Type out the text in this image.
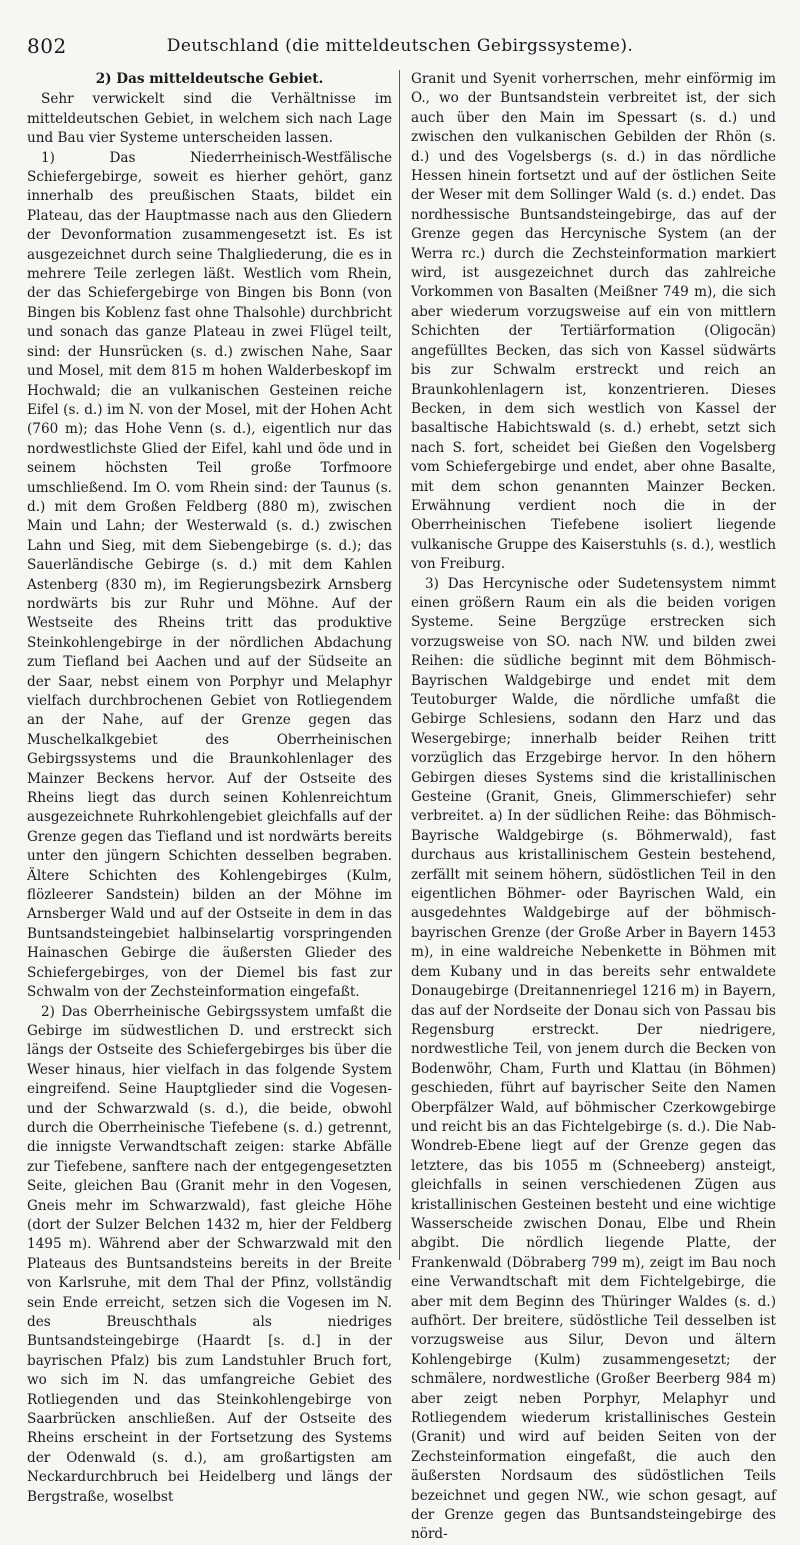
802	Deutschland (die mitteldeutschen Gebirgssysteme).
2) Das mitteldeutsche Gebiet.

Sehr verwickelt sind die Verhältnisse im mitteldeutschen Gebiet, in welchem sich nach Lage und Bau vier Systeme unterscheiden lassen.

1) Das Niederrheinisch-Westfälische Schiefergebirge, soweit es hierher gehört, ganz innerhalb des preußischen Staats, bildet ein Plateau, das der Hauptmasse nach aus den Gliedern der Devonformation zusammengesetzt ist. Es ist ausgezeichnet durch seine Thalgliederung, die es in mehrere Teile zerlegen läßt. Westlich vom Rhein, der das Schiefergebirge von Bingen bis Bonn (von Bingen bis Koblenz fast ohne Thalsohle) durchbricht und sonach das ganze Plateau in zwei Flügel teilt, sind: der Hunsrücken (s. d.) zwischen Nahe, Saar und Mosel, mit dem 815 m hohen Walderbeskopf im Hochwald; die an vulkanischen Gesteinen reiche Eifel (s. d.) im N. von der Mosel, mit der Hohen Acht (760 m); das Hohe Venn (s. d.), eigentlich nur das nordwestlichste Glied der Eifel, kahl und öde und in seinem höchsten Teil große Torfmoore umschließend. Im O. vom Rhein sind: der Taunus (s. d.) mit dem Großen Feldberg (880 m), zwischen Main und Lahn; der Westerwald (s. d.) zwischen Lahn und Sieg, mit dem Siebengebirge (s. d.); das Sauerländische Gebirge (s. d.) mit dem Kahlen Astenberg (830 m), im Regierungsbezirk Arnsberg nordwärts bis zur Ruhr und Möhne. Auf der Westseite des Rheins tritt das produktive Steinkohlengebirge in der nördlichen Abdachung zum Tiefland bei Aachen und auf der Südseite an der Saar, nebst einem von Porphyr und Melaphyr vielfach durchbrochenen Gebiet von Rotliegendem an der Nahe, auf der Grenze gegen das Muschelkalkgebiet des Oberrheinischen Gebirgssystems und die Braunkohlenlager des Mainzer Beckens hervor. Auf der Ostseite des Rheins liegt das durch seinen Kohlenreichtum ausgezeichnete Ruhrkohlengebiet gleichfalls auf der Grenze gegen das Tiefland und ist nordwärts bereits unter den jüngern Schichten desselben begraben. Ältere Schichten des Kohlengebirges (Kulm, flözleerer Sandstein) bilden an der Möhne im Arnsberger Wald und auf der Ostseite in dem in das Buntsandsteingebiet halbinselartig vorspringenden Hainaschen Gebirge die äußersten Glieder des Schiefergebirges, von der Diemel bis fast zur Schwalm von der Zechsteinformation eingefaßt.

2) Das Oberrheinische Gebirgssystem umfaßt die Gebirge im südwestlichen D. und erstreckt sich längs der Ostseite des Schiefergebirges bis über die Weser hinaus, hier vielfach in das folgende System eingreifend. Seine Hauptglieder sind die Vogesen- und der Schwarzwald (s. d.), die beide, obwohl durch die Oberrheinische Tiefebene (s. d.) getrennt, die innigste Verwandtschaft zeigen: starke Abfälle zur Tiefebene, sanftere nach der entgegengesetzten Seite, gleichen Bau (Granit mehr in den Vogesen, Gneis mehr im Schwarzwald), fast gleiche Höhe (dort der Sulzer Belchen 1432 m, hier der Feldberg 1495 m). Während aber der Schwarzwald mit den Plateaus des Buntsandsteins bereits in der Breite von Karlsruhe, mit dem Thal der Pfinz, vollständig sein Ende erreicht, setzen sich die Vogesen im N. des Breuschthals als niedriges Buntsandsteingebirge (Haardt [s. d.] in der bayrischen Pfalz) bis zum Landstuhler Bruch fort, wo sich im N. das umfangreiche Gebiet des Rotliegenden und das Steinkohlengebirge von Saarbrücken anschließen. Auf der Ostseite des Rheins erscheint in der Fortsetzung des Systems der Odenwald (s. d.), am großartigsten am Neckardurchbruch bei Heidelberg und längs der Bergstraße, woselbst

Granit und Syenit vorherrschen, mehr einförmig im O., wo der Buntsandstein verbreitet ist, der sich auch über den Main im Spessart (s. d.) und zwischen den vulkanischen Gebilden der Rhön (s. d.) und des Vogelsbergs (s. d.) in das nördliche Hessen hinein fortsetzt und auf der östlichen Seite der Weser mit dem Sollinger Wald (s. d.) endet. Das nordhessische Buntsandsteingebirge, das auf der Grenze gegen das Hercynische System (an der Werra rc.) durch die Zechsteinformation markiert wird, ist ausgezeichnet durch das zahlreiche Vorkommen von Basalten (Meißner 749 m), die sich aber wiederum vorzugsweise auf ein von mittlern Schichten der Tertiärformation (Oligocän) angefülltes Becken, das sich von Kassel südwärts bis zur Schwalm erstreckt und reich an Braunkohlenlagern ist, konzentrieren. Dieses Becken, in dem sich westlich von Kassel der basaltische Habichtswald (s. d.) erhebt, setzt sich nach S. fort, scheidet bei Gießen den Vogelsberg vom Schiefergebirge und endet, aber ohne Basalte, mit dem schon genannten Mainzer Becken. Erwähnung verdient noch die in der Oberrheinischen Tiefebene isoliert liegende vulkanische Gruppe des Kaiserstuhls (s. d.), westlich von Freiburg.

3) Das Hercynische oder Sudetensystem nimmt einen größern Raum ein als die beiden vorigen Systeme. Seine Bergzüge erstrecken sich vorzugsweise von SO. nach NW. und bilden zwei Reihen: die südliche beginnt mit dem Böhmisch-Bayrischen Waldgebirge und endet mit dem Teutoburger Walde, die nördliche umfaßt die Gebirge Schlesiens, sodann den Harz und das Wesergebirge; innerhalb beider Reihen tritt vorzüglich das Erzgebirge hervor. In den höhern Gebirgen dieses Systems sind die kristallinischen Gesteine (Granit, Gneis, Glimmerschiefer) sehr verbreitet. a) In der südlichen Reihe: das Böhmisch-Bayrische Waldgebirge (s. Böhmerwald), fast durchaus aus kristallinischem Gestein bestehend, zerfällt mit seinem höhern, südöstlichen Teil in den eigentlichen Böhmer- oder Bayrischen Wald, ein ausgedehntes Waldgebirge auf der böhmisch-bayrischen Grenze (der Große Arber in Bayern 1453 m), in eine waldreiche Nebenkette in Böhmen mit dem Kubany und in das bereits sehr entwaldete Donaugebirge (Dreitannenriegel 1216 m) in Bayern, das auf der Nordseite der Donau sich von Passau bis Regensburg erstreckt. Der niedrigere, nordwestliche Teil, von jenem durch die Becken von Bodenwöhr, Cham, Furth und Klattau (in Böhmen) geschieden, führt auf bayrischer Seite den Namen Oberpfälzer Wald, auf böhmischer Czerkowgebirge und reicht bis an das Fichtelgebirge (s. d.). Die Nab-Wondreb-Ebene liegt auf der Grenze gegen das letztere, das bis 1055 m (Schneeberg) ansteigt, gleichfalls in seinen verschiedenen Zügen aus kristallinischen Gesteinen besteht und eine wichtige Wasserscheide zwischen Donau, Elbe und Rhein abgibt. Die nördlich liegende Platte, der Frankenwald (Döbraberg 799 m), zeigt im Bau noch eine Verwandtschaft mit dem Fichtelgebirge, die aber mit dem Beginn des Thüringer Waldes (s. d.) aufhört. Der breitere, südöstliche Teil desselben ist vorzugsweise aus Silur, Devon und ältern Kohlengebirge (Kulm) zusammengesetzt; der schmälere, nordwestliche (Großer Beerberg 984 m) aber zeigt neben Porphyr, Melaphyr und Rotliegendem wiederum kristallinisches Gestein (Granit) und wird auf beiden Seiten von der Zechsteinformation eingefaßt, die auch den äußersten Nordsaum des südöstlichen Teils bezeichnet und gegen NW., wie schon gesagt, auf der Grenze gegen das Buntsandsteingebirge des nörd-
